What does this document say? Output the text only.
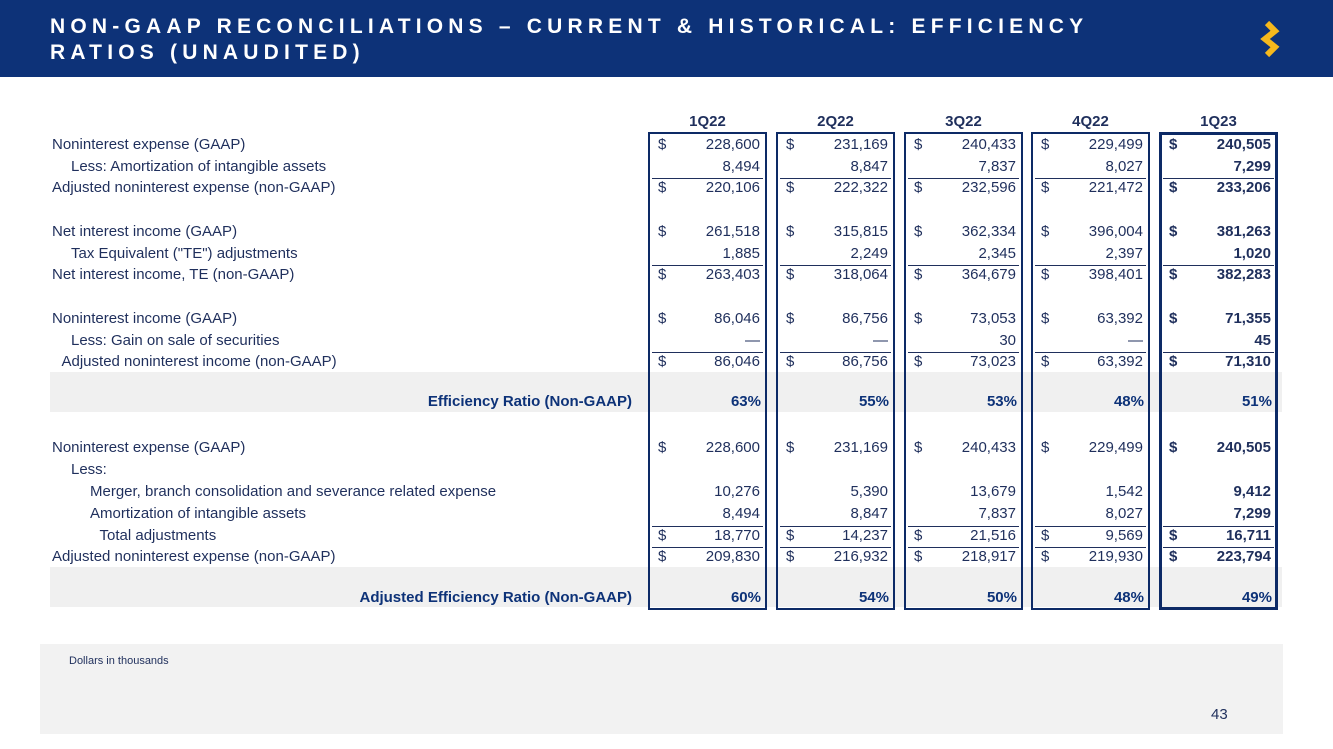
NON-GAAP RECONCILIATIONS – CURRENT & HISTORICAL: EFFICIENCY RATIOS (UNAUDITED)
1Q22	2Q22	3Q22	4Q22	1Q23
Noninterest expense (GAAP)	$	228,600 $	231,169 $	240,433 $	229,499 $	240,505
Less: Amortization of intangible assets	8,494	8,847	7,837	8,027	7,299
Adjusted noninterest expense (non-GAAP)	$	220,106 $	222,322 $	232,596 $	221,472 $	233,206
Net interest income (GAAP)	$	261,518 $	315,815 $	362,334 $	396,004 $	381,263
Tax Equivalent ("TE") adjustments	1,885	2,249	2,345	2,397	1,020
Net interest income, TE (non-GAAP)	$	263,403 $	318,064 $	364,679 $	398,401 $	382,283
Noninterest income (GAAP)	$	86,046 $	86,756 $	73,053 $	63,392 $	71,355
Less: Gain on sale of securities	—	—	30	—	45
Adjusted noninterest income (non-GAAP)	$	86,046 $	86,756 $	73,023 $	63,392 $	71,310
Noninterest expense (GAAP)	$	228,600 $	231,169 $	240,433 $	229,499 $	240,505
Less:
Merger, branch consolidation and severance related expense	10,276	5,390	13,679	1,542	9,412
Amortization of intangible assets	8,494	8,847	7,837	8,027	7,299
Total adjustments	$	18,770 $	14,237 $	21,516 $	9,569 $	16,711
Adjusted noninterest expense (non-GAAP)	$	209,830 $	216,932 $	218,917 $	219,930 $	223,794
Efficiency Ratio (Non-GAAP)	63%	55%	53%	48%	51%
Adjusted Efficiency Ratio (Non-GAAP)	60%	54%	50%	48%	49%
Dollars in thousands
43
